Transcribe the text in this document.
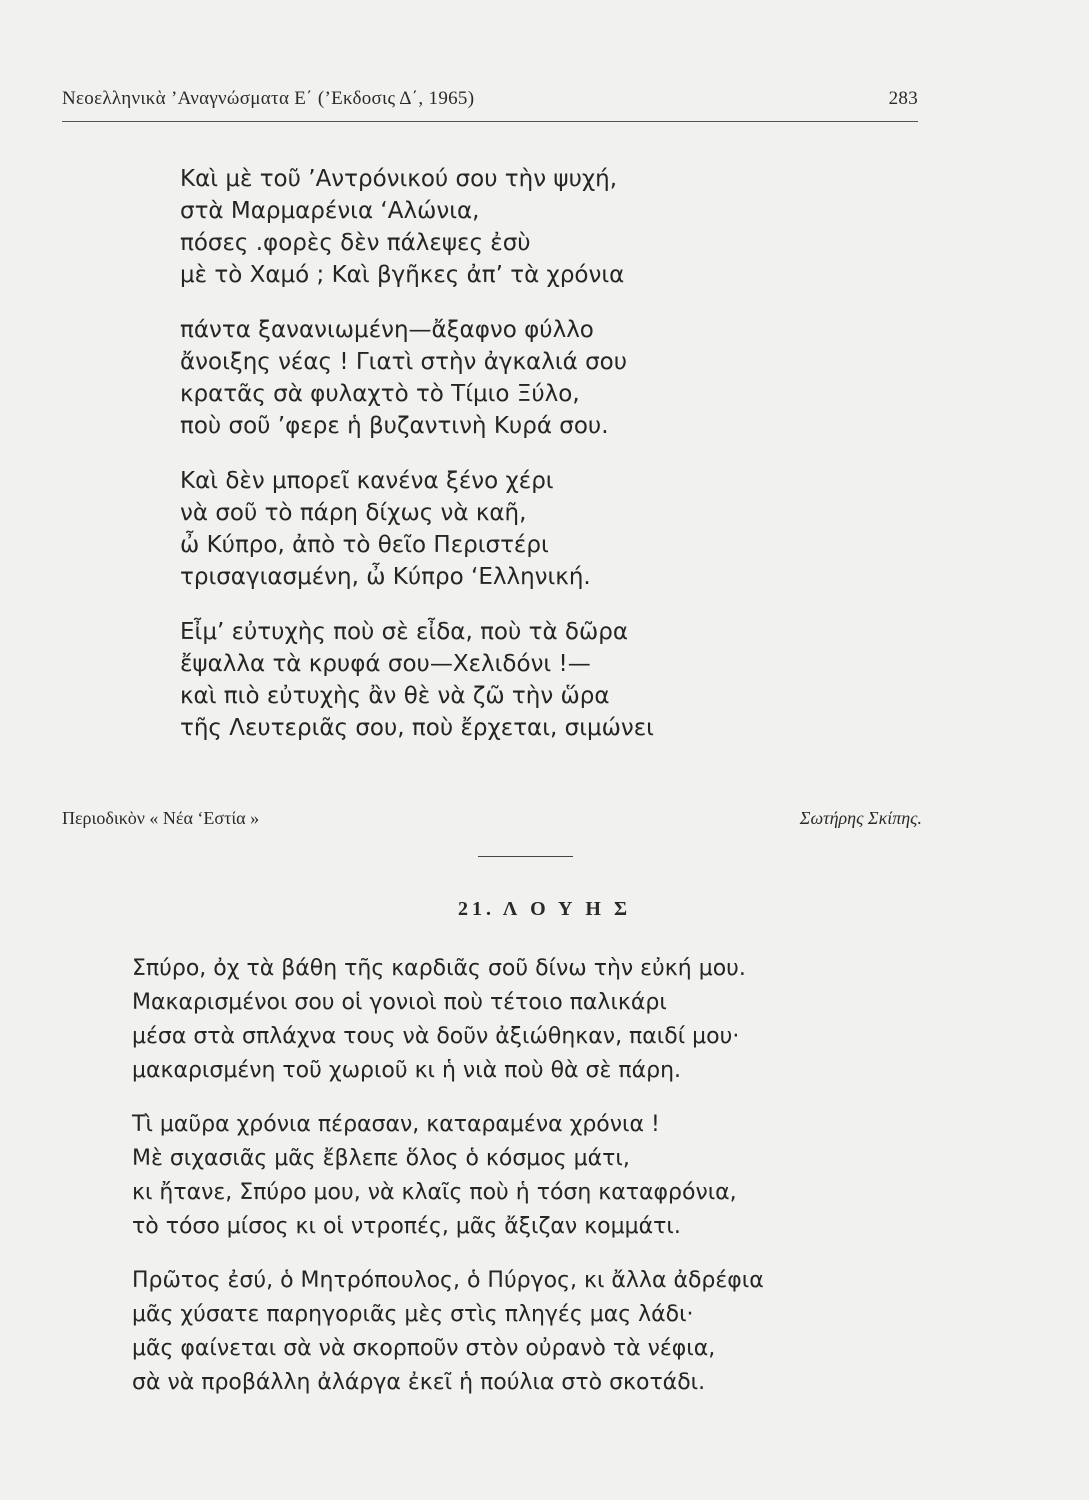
Νεοελληνικὰ ’Αναγνώσματα Ε΄ (’Εκδοσις Δ΄, 1965)	283
Καὶ μὲ τοῦ ’Αντρόνικού σου τὴν ψυχή,
στὰ Μαρμαρένια ‘Αλώνια,
πόσες .φορὲς δὲν πάλεψες ἐσὺ
μὲ τὸ Χαμό ; Καὶ βγῆκες ἀπ’ τὰ χρόνια
πάντα ξανανιωμένη—ἄξαφνο φύλλο
ἄνοιξης νέας ! Γιατὶ στὴν ἀγκαλιά σου
κρατᾶς σὰ φυλαχτὸ τὸ Τίμιο Ξύλο,
ποὺ σοῦ ’φερε ἡ βυζαντινὴ Κυρά σου.
Καὶ δὲν μπορεῖ κανένα ξένο χέρι
νὰ σοῦ τὸ πάρη δίχως νὰ καῆ,
ὦ Κύπρο, ἀπὸ τὸ θεῖο Περιστέρι
τρισαγιασμένη, ὦ Κύπρο ‘Ελληνική.
Εἶμ’ εὐτυχὴς ποὺ σὲ εἶδα, ποὺ τὰ δῶρα
ἔψαλλα τὰ κρυφά σου—Χελιδόνι !—
καὶ πιὸ εὐτυχὴς ἂν θὲ νὰ ζῶ τὴν ὥρα
τῆς Λευτεριᾶς σου, ποὺ ἔρχεται, σιμώνει
Περιοδικὸν « Νέα ‘Εστία »	Σωτήρης Σκίπης.
21. Λ Ο Υ Η Σ
Σπύρο, ὀχ τὰ βάθη τῆς καρδιᾶς σοῦ δίνω τὴν εὐκή μου.
Μακαρισμένοι σου οἱ γονιοὶ ποὺ τέτοιο παλικάρι
μέσα στὰ σπλάχνα τους νὰ δοῦν ἀξιώθηκαν, παιδί μου·
μακαρισμένη τοῦ χωριοῦ κι ἡ νιὰ ποὺ θὰ σὲ πάρη.
Τὶ μαῦρα χρόνια πέρασαν, καταραμένα χρόνια !
Μὲ σιχασιᾶς μᾶς ἔβλεπε ὅλος ὁ κόσμος μάτι,
κι ἤτανε, Σπύρο μου, νὰ κλαῖς ποὺ ἡ τόση καταφρόνια,
τὸ τόσο μίσος κι οἱ ντροπές, μᾶς ἄξιζαν κομμάτι.
Πρῶτος ἐσύ, ὁ Μητρόπουλος, ὁ Πύργος, κι ἄλλα ἀδρέφια
μᾶς χύσατε παρηγοριᾶς μὲς στὶς πληγές μας λάδι·
μᾶς φαίνεται σὰ νὰ σκορποῦν στὸν οὐρανὸ τὰ νέφια,
σὰ νὰ προβάλλη ἀλάργα ἐκεῖ ἡ πούλια στὸ σκοτάδι.
